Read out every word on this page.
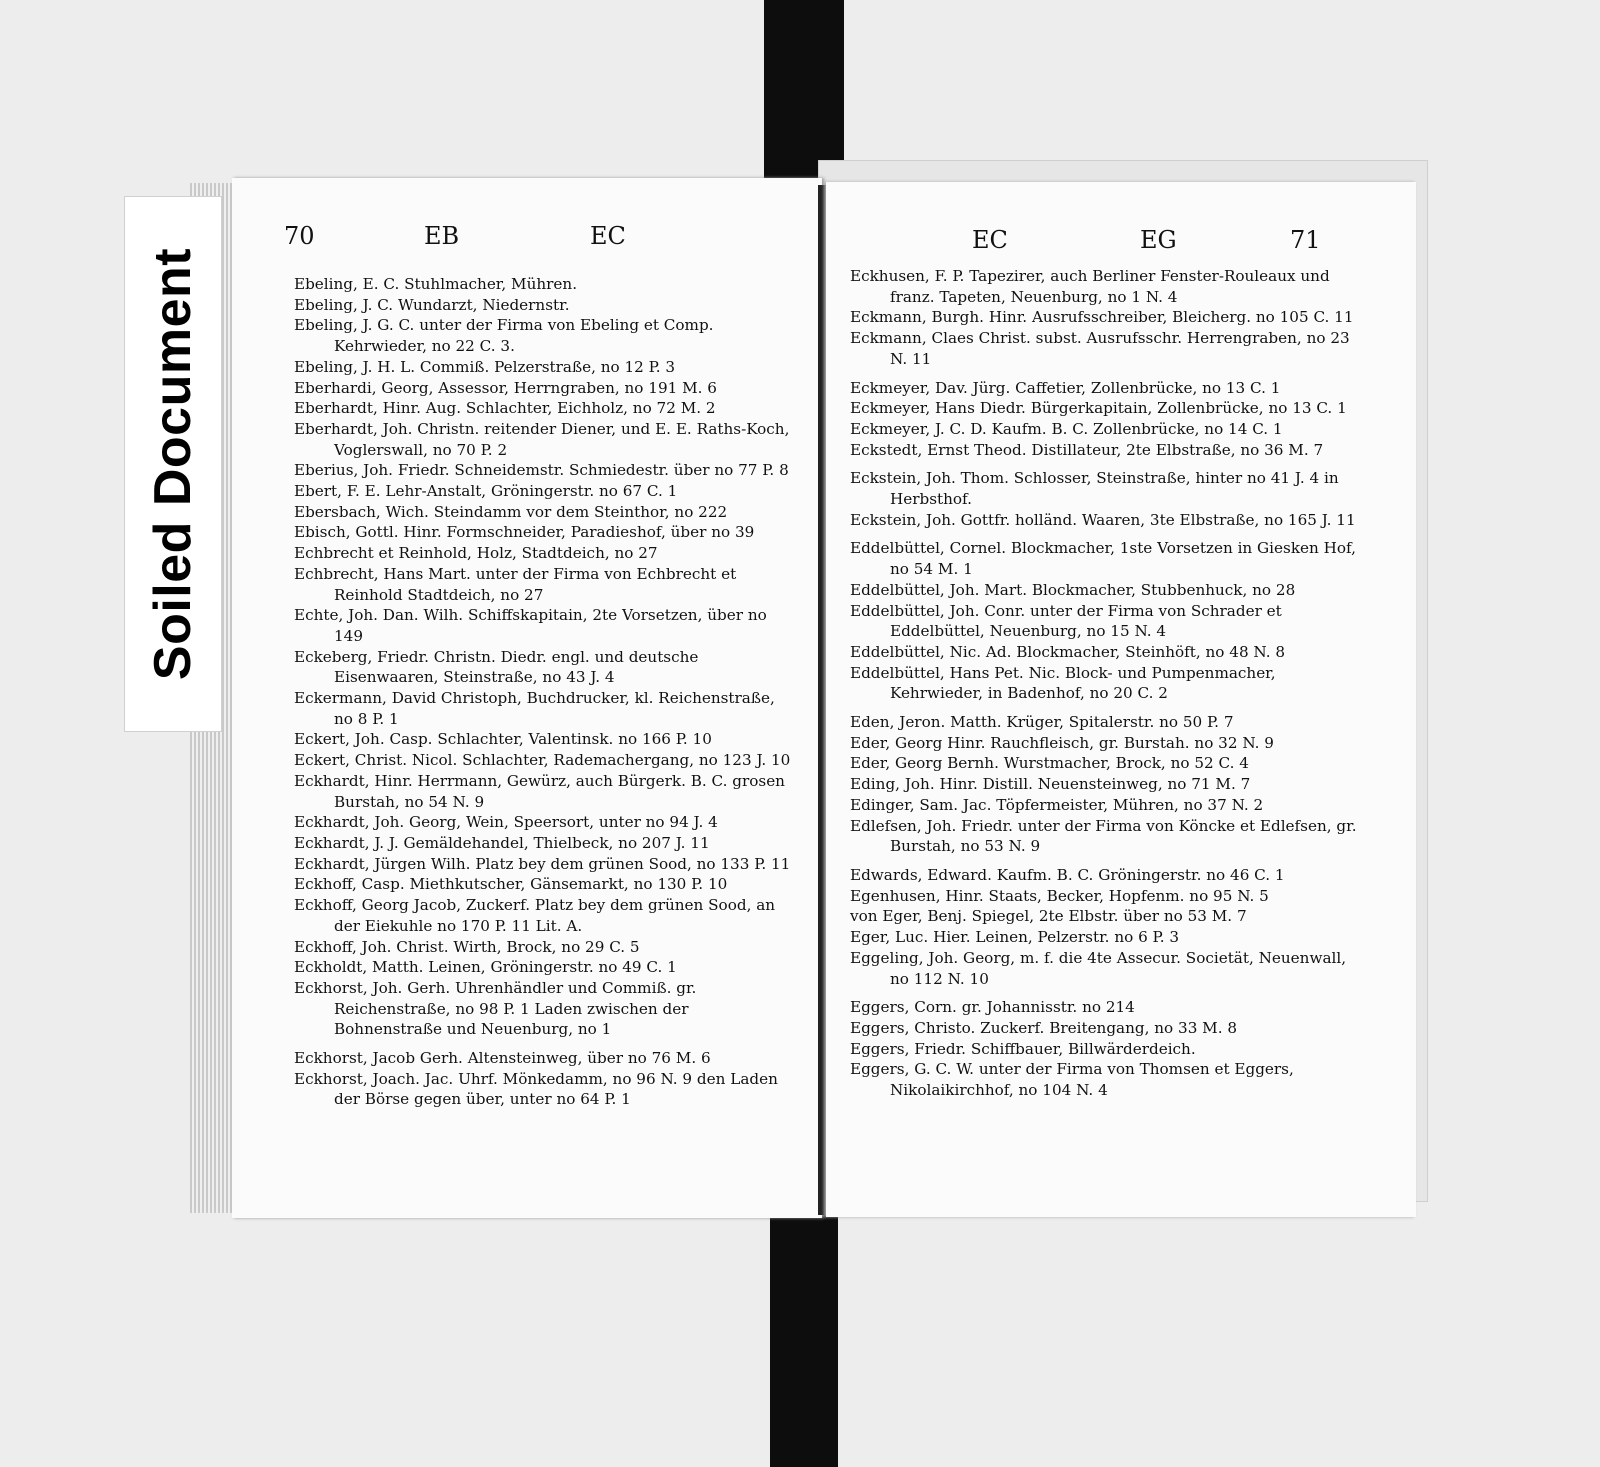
70	EB	EC

Ebeling, E. C. Stuhlmacher, Mühren.

Ebeling, J. C. Wundarzt, Niedernstr.

Ebeling, J. G. C. unter der Firma von Ebeling et Comp. Kehrwieder, no 22 C. 3.

Ebeling, J. H. L. Commiß. Pelzerstraße, no 12 P. 3

Eberhardi, Georg, Assessor, Herrngraben, no 191 M. 6

Eberhardt, Hinr. Aug. Schlachter, Eichholz, no 72 M. 2

Eberhardt, Joh. Christn. reitender Diener, und E. E. Raths-Koch, Voglerswall, no 70 P. 2

Eberius, Joh. Friedr. Schneidemstr. Schmiedestr. über no 77 P. 8

Ebert, F. E. Lehr-Anstalt, Gröningerstr. no 67 C. 1

Ebersbach, Wich. Steindamm vor dem Steinthor, no 222

Ebisch, Gottl. Hinr. Formschneider, Paradieshof, über no 39

Echbrecht et Reinhold, Holz, Stadtdeich, no 27

Echbrecht, Hans Mart. unter der Firma von Echbrecht et Reinhold Stadtdeich, no 27

Echte, Joh. Dan. Wilh. Schiffskapitain, 2te Vorsetzen, über no 149

Eckeberg, Friedr. Christn. Diedr. engl. und deutsche Eisenwaaren, Steinstraße, no 43 J. 4

Eckermann, David Christoph, Buchdrucker, kl. Reichenstraße, no 8 P. 1

Eckert, Joh. Casp. Schlachter, Valentinsk. no 166 P. 10

Eckert, Christ. Nicol. Schlachter, Rademachergang, no 123 J. 10

Eckhardt, Hinr. Herrmann, Gewürz, auch Bürgerk. B. C. grosen Burstah, no 54 N. 9

Eckhardt, Joh. Georg, Wein, Speersort, unter no 94 J. 4

Eckhardt, J. J. Gemäldehandel, Thielbeck, no 207 J. 11

Eckhardt, Jürgen Wilh. Platz bey dem grünen Sood, no 133 P. 11

Eckhoff, Casp. Miethkutscher, Gänsemarkt, no 130 P. 10

Eckhoff, Georg Jacob, Zuckerf. Platz bey dem grünen Sood, an der Eiekuhle no 170 P. 11 Lit. A.

Eckhoff, Joh. Christ. Wirth, Brock, no 29 C. 5

Eckholdt, Matth. Leinen, Gröningerstr. no 49 C. 1

Eckhorst, Joh. Gerh. Uhrenhändler und Commiß. gr. Reichenstraße, no 98 P. 1 Laden zwischen der Bohnenstraße und Neuenburg, no 1

Eckhorst, Jacob Gerh. Altensteinweg, über no 76 M. 6

Eckhorst, Joach. Jac. Uhrf. Mönkedamm, no 96 N. 9 den Laden der Börse gegen über, unter no 64 P. 1

EC	EG	71

Eckhusen, F. P. Tapezirer, auch Berliner Fenster-Rouleaux und franz. Tapeten, Neuenburg, no 1 N. 4

Eckmann, Burgh. Hinr. Ausrufsschreiber, Bleicherg. no 105 C. 11

Eckmann, Claes Christ. subst. Ausrufsschr. Herrengraben, no 23 N. 11

Eckmeyer, Dav. Jürg. Caffetier, Zollenbrücke, no 13 C. 1

Eckmeyer, Hans Diedr. Bürgerkapitain, Zollenbrücke, no 13 C. 1

Eckmeyer, J. C. D. Kaufm. B. C. Zollenbrücke, no 14 C. 1

Eckstedt, Ernst Theod. Distillateur, 2te Elbstraße, no 36 M. 7

Eckstein, Joh. Thom. Schlosser, Steinstraße, hinter no 41 J. 4 in Herbsthof.

Eckstein, Joh. Gottfr. holländ. Waaren, 3te Elbstraße, no 165 J. 11

Eddelbüttel, Cornel. Blockmacher, 1ste Vorsetzen in Giesken Hof, no 54 M. 1

Eddelbüttel, Joh. Mart. Blockmacher, Stubbenhuck, no 28

Eddelbüttel, Joh. Conr. unter der Firma von Schrader et Eddelbüttel, Neuenburg, no 15 N. 4

Eddelbüttel, Nic. Ad. Blockmacher, Steinhöft, no 48 N. 8

Eddelbüttel, Hans Pet. Nic. Block- und Pumpenmacher, Kehrwieder, in Badenhof, no 20 C. 2

Eden, Jeron. Matth. Krüger, Spitalerstr. no 50 P. 7

Eder, Georg Hinr. Rauchfleisch, gr. Burstah. no 32 N. 9

Eder, Georg Bernh. Wurstmacher, Brock, no 52 C. 4

Eding, Joh. Hinr. Distill. Neuensteinweg, no 71 M. 7

Edinger, Sam. Jac. Töpfermeister, Mühren, no 37 N. 2

Edlefsen, Joh. Friedr. unter der Firma von Köncke et Edlefsen, gr. Burstah, no 53 N. 9

Edwards, Edward. Kaufm. B. C. Gröningerstr. no 46 C. 1

Egenhusen, Hinr. Staats, Becker, Hopfenm. no 95 N. 5

von Eger, Benj. Spiegel, 2te Elbstr. über no 53 M. 7

Eger, Luc. Hier. Leinen, Pelzerstr. no 6 P. 3

Eggeling, Joh. Georg, m. f. die 4te Assecur. Societät, Neuenwall, no 112 N. 10

Eggers, Corn. gr. Johannisstr. no 214

Eggers, Christo. Zuckerf. Breitengang, no 33 M. 8

Eggers, Friedr. Schiffbauer, Billwärderdeich.

Eggers, G. C. W. unter der Firma von Thomsen et Eggers, Nikolaikirchhof, no 104 N. 4

Soiled Document
